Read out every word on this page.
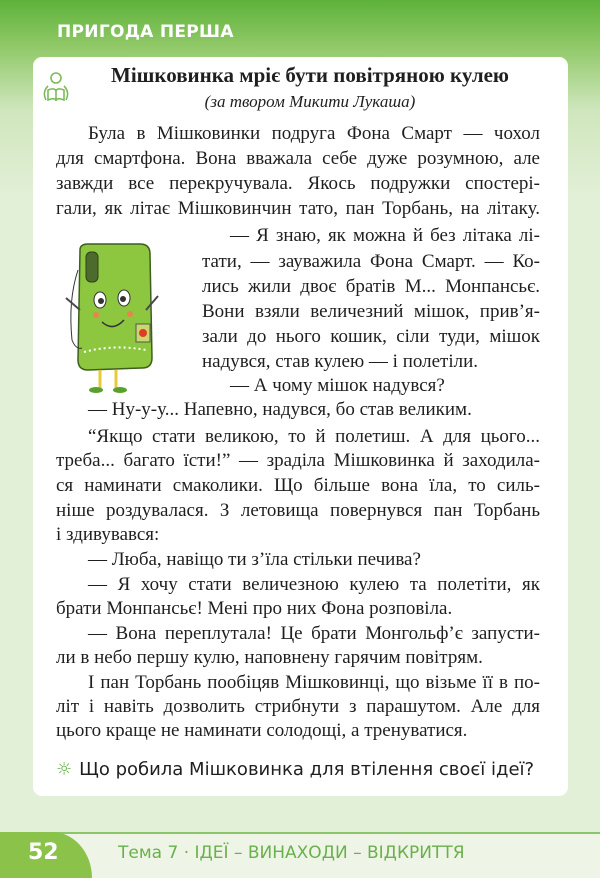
ПРИГОДА ПЕРША
Мішковинка мріє бути повітряною кулею
(за твором Микити Лукаша)
Була в Мішковинки подруга Фона Смарт — чохол
для смартфона. Вона вважала себе дуже розумною, але
завжди все перекручувала. Якось подружки спостері-
гали, як літає Мішковинчин тато, пан Торбань, на літаку.
— Я знаю, як можна й без літака лі-
тати, — зауважила Фона Смарт. — Ко-
лись жили двоє братів М... Монпансьє.
Вони взяли величезний мішок, прив’я-
зали до нього кошик, сіли туди, мішок
надувся, став кулею — і полетіли.
— А чому мішок надувся?
— Ну-у-у... Напевно, надувся, бо став великим.
“Якщо стати великою, то й полетиш. А для цього...
треба... багато їсти!” — зраділа Мішковинка й заходила-
ся наминати смаколики. Що більше вона їла, то силь-
ніше роздувалася. З летовища повернувся пан Торбань
і здивувався:
— Люба, навіщо ти з’їла стільки печива?
— Я хочу стати величезною кулею та полетіти, як
брати Монпансьє! Мені про них Фона розповіла.
— Вона переплутала! Це брати Монгольф’є запусти-
ли в небо першу кулю, наповнену гарячим повітрям.
І пан Торбань пообіцяв Мішковинці, що візьме її в по-
літ і навіть дозволить стрибнути з парашутом. Але для
цього краще не наминати солодощі, а тренуватися.
☼ Що робила Мішковинка для втілення своєї ідеї?
52	Тема 7 · ІДЕЇ – ВИНАХОДИ – ВІДКРИТТЯ
